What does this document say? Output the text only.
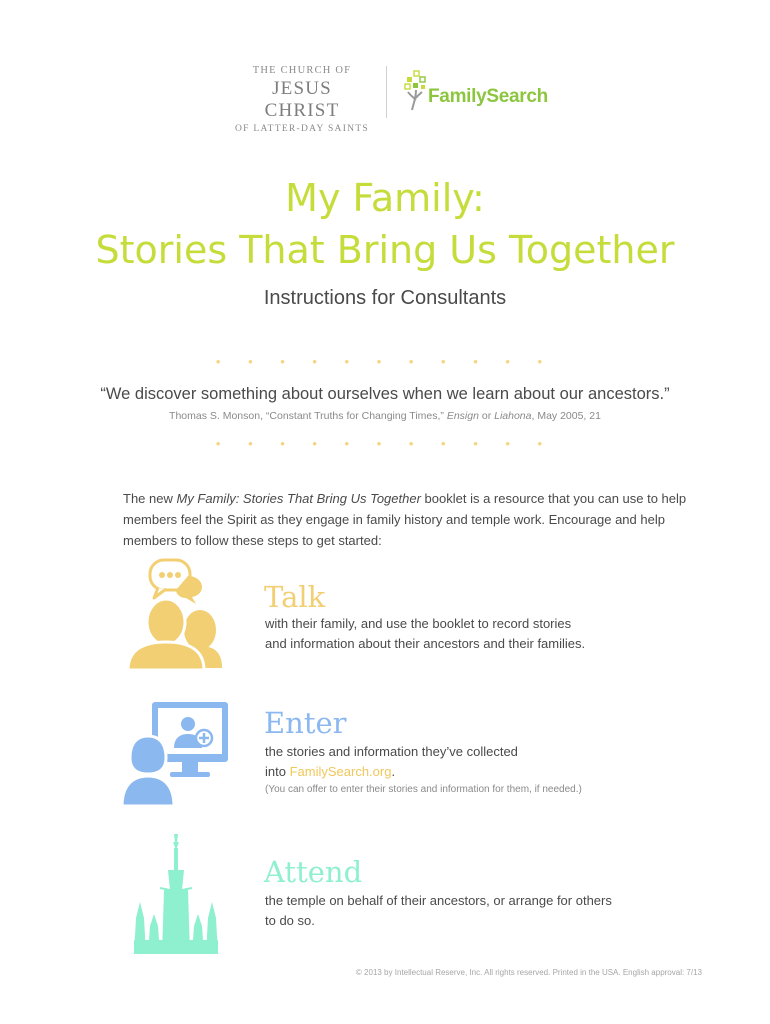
THE CHURCH OF
JESUS CHRIST
OF LATTER-DAY SAINTS
FamilySearch
My Family:
Stories That Bring Us Together
Instructions for Consultants
• • • • • • • • • • •
“We discover something about ourselves when we learn about our ancestors.”
Thomas S. Monson, “Constant Truths for Changing Times,” Ensign or Liahona, May 2005, 21
• • • • • • • • • • •
The new My Family: Stories That Bring Us Together booklet is a resource that you can use to help members feel the Spirit as they engage in family history and temple work. Encourage and help members to follow these steps to get started:
Talk
with their family, and use the booklet to record stories
and information about their ancestors and their families.
Enter
the stories and information they’ve collected
into FamilySearch.org.
(You can offer to enter their stories and information for them, if needed.)
Attend
the temple on behalf of their ancestors, or arrange for others
to do so.
© 2013 by Intellectual Reserve, Inc. All rights reserved. Printed in the USA. English approval: 7/13
